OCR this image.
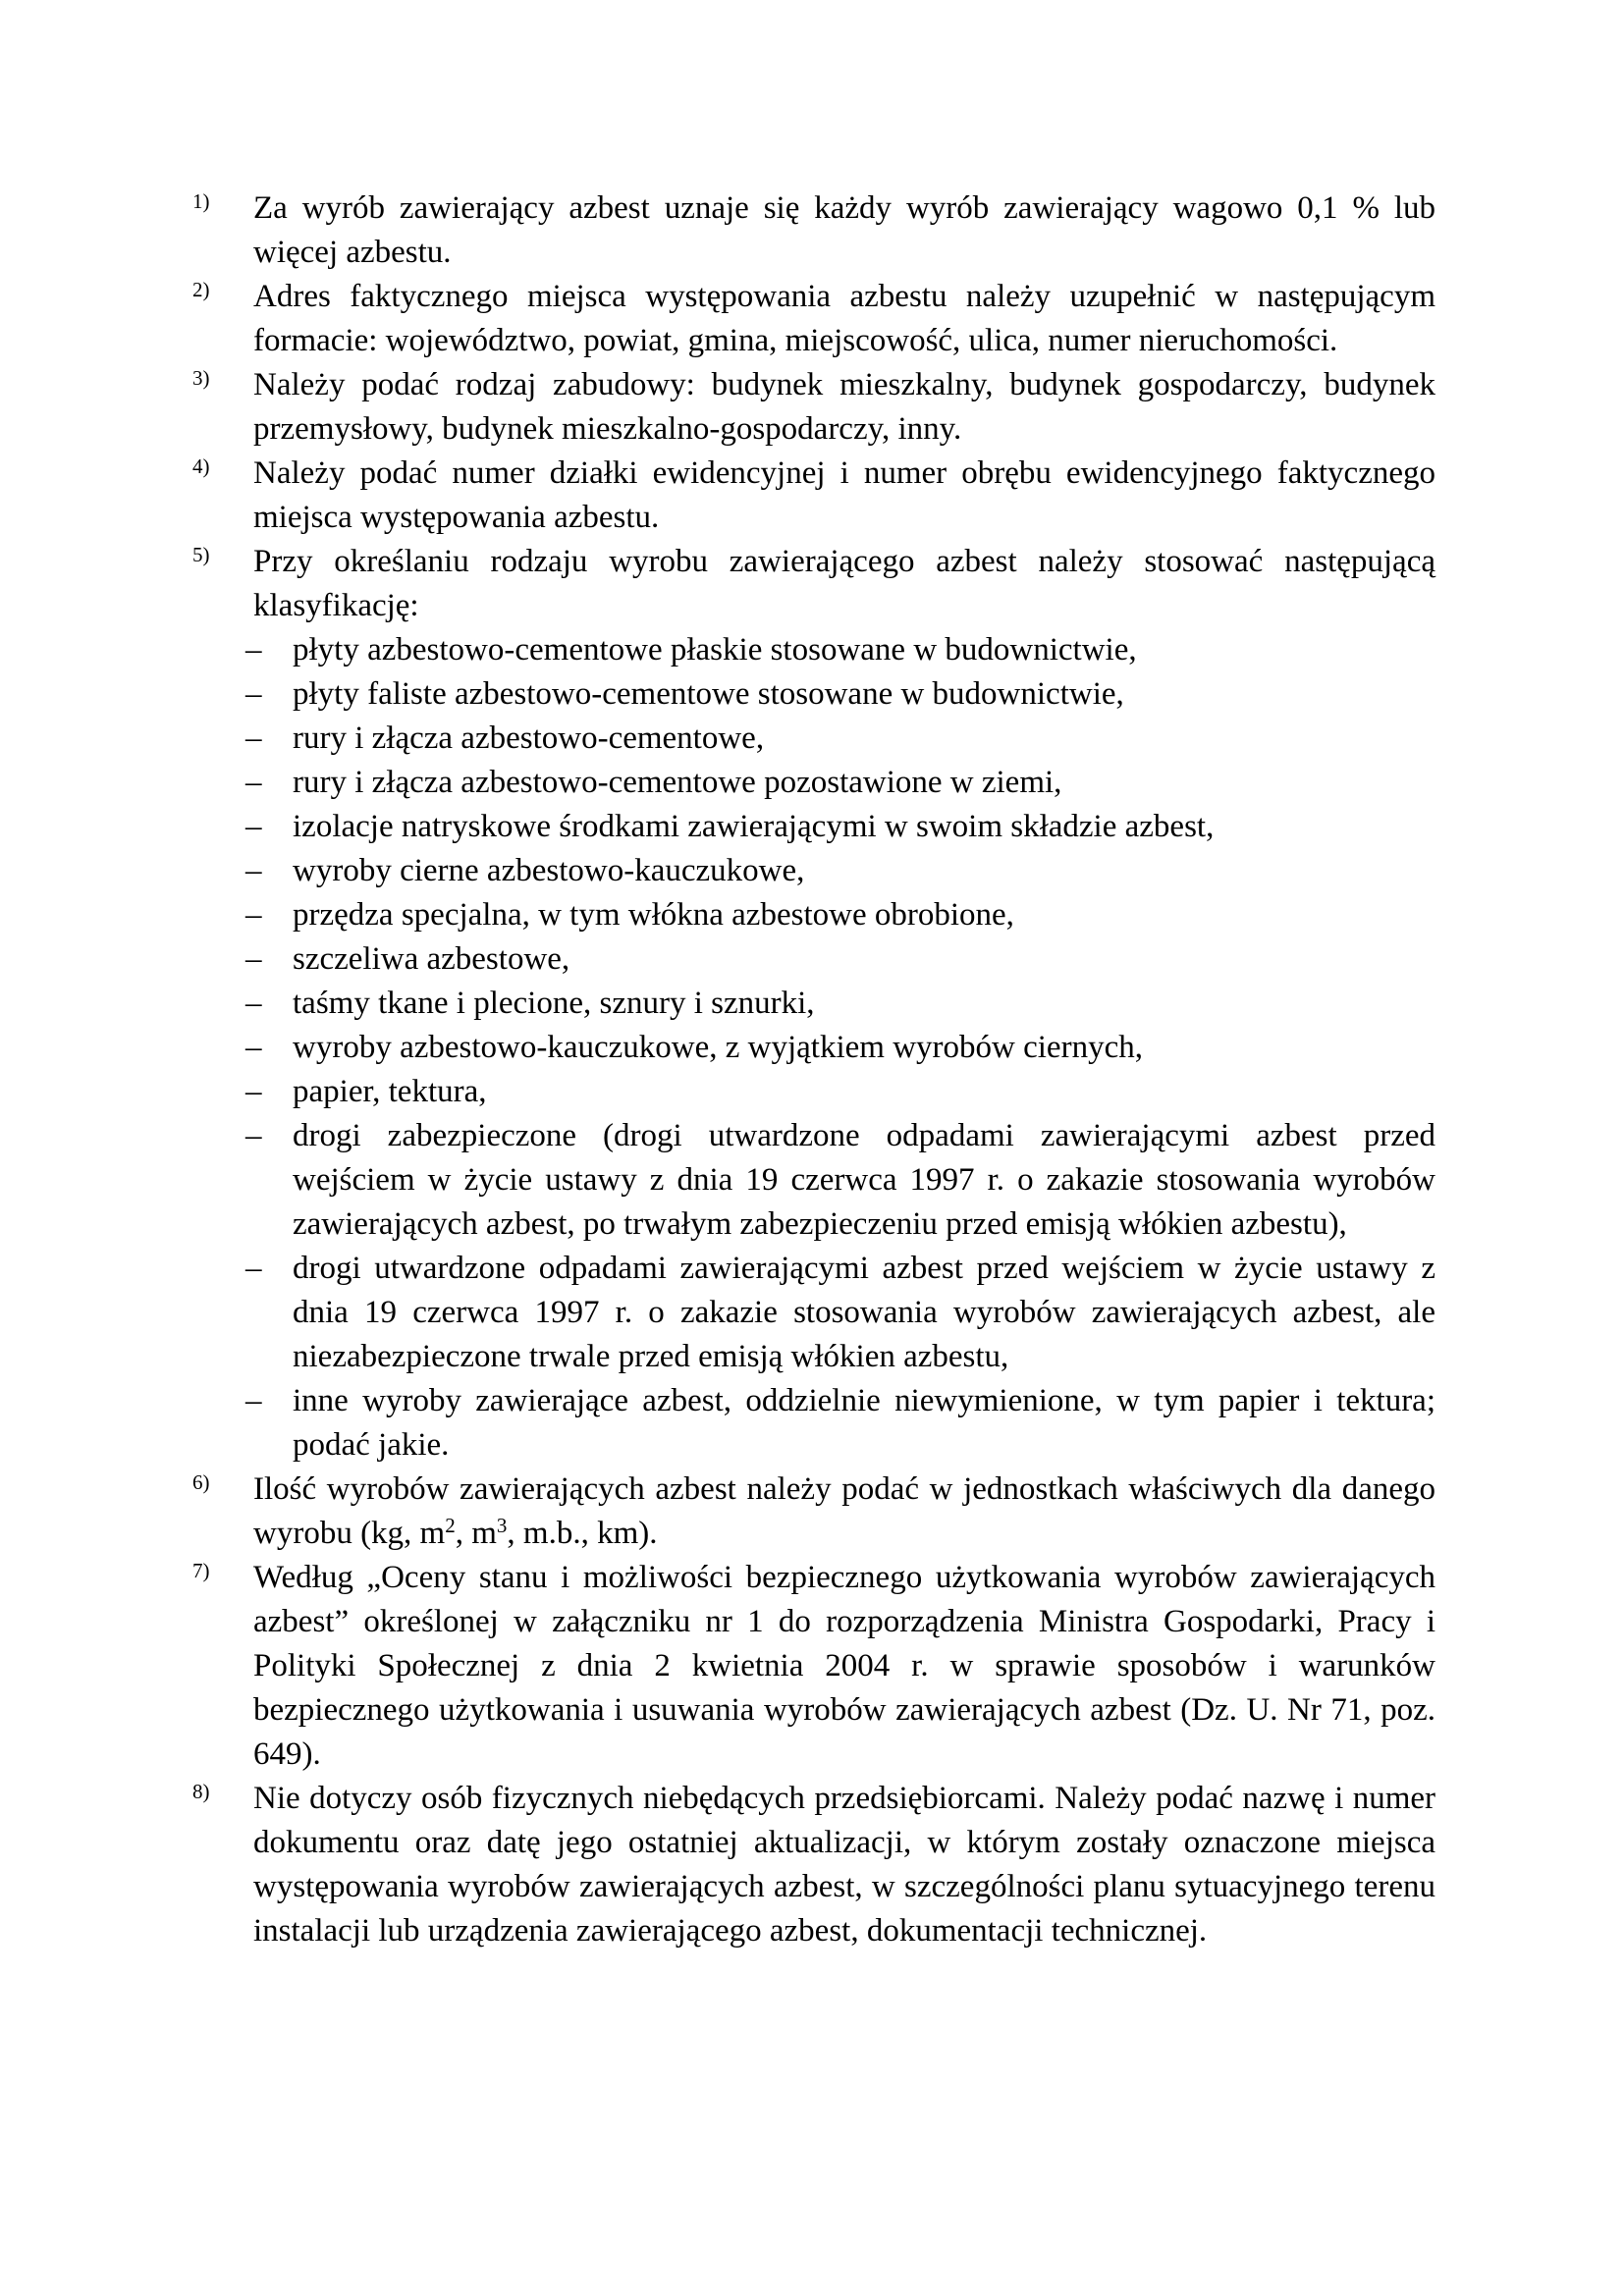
1) Za wyrób zawierający azbest uznaje się każdy wyrób zawierający wagowo 0,1 % lub więcej azbestu.
2) Adres faktycznego miejsca występowania azbestu należy uzupełnić w następującym formacie: województwo, powiat, gmina, miejscowość, ulica, numer nieruchomości.
3) Należy podać rodzaj zabudowy: budynek mieszkalny, budynek gospodarczy, budynek przemysłowy, budynek mieszkalno-gospodarczy, inny.
4) Należy podać numer działki ewidencyjnej i numer obrębu ewidencyjnego faktycznego miejsca występowania azbestu.
5) Przy określaniu rodzaju wyrobu zawierającego azbest należy stosować następującą klasyfikację:
– płyty azbestowo-cementowe płaskie stosowane w budownictwie,
– płyty faliste azbestowo-cementowe stosowane w budownictwie,
– rury i złącza azbestowo-cementowe,
– rury i złącza azbestowo-cementowe pozostawione w ziemi,
– izolacje natryskowe środkami zawierającymi w swoim składzie azbest,
– wyroby cierne azbestowo-kauczukowe,
– przędza specjalna, w tym włókna azbestowe obrobione,
– szczeliwa azbestowe,
– taśmy tkane i plecione, sznury i sznurki,
– wyroby azbestowo-kauczukowe, z wyjątkiem wyrobów ciernych,
– papier, tektura,
– drogi zabezpieczone (drogi utwardzone odpadami zawierającymi azbest przed wejściem w życie ustawy z dnia 19 czerwca 1997 r. o zakazie stosowania wyrobów zawierających azbest, po trwałym zabezpieczeniu przed emisją włókien azbestu),
– drogi utwardzone odpadami zawierającymi azbest przed wejściem w życie ustawy z dnia 19 czerwca 1997 r. o zakazie stosowania wyrobów zawierających azbest, ale niezabezpieczone trwale przed emisją włókien azbestu,
– inne wyroby zawierające azbest, oddzielnie niewymienione, w tym papier i tektura; podać jakie.
6) Ilość wyrobów zawierających azbest należy podać w jednostkach właściwych dla danego wyrobu (kg, $m^2$, $m^3$, m.b., km).
7) Według „Oceny stanu i możliwości bezpiecznego użytkowania wyrobów zawierających azbest” określonej w załączniku nr 1 do rozporządzenia Ministra Gospodarki, Pracy i Polityki Społecznej z dnia 2 kwietnia 2004 r. w sprawie sposobów i warunków bezpiecznego użytkowania i usuwania wyrobów zawierających azbest (Dz. U. Nr 71, poz. 649).
8) Nie dotyczy osób fizycznych niebędących przedsiębiorcami. Należy podać nazwę i numer dokumentu oraz datę jego ostatniej aktualizacji, w którym zostały oznaczone miejsca występowania wyrobów zawierających azbest, w szczególności planu sytuacyjnego terenu instalacji lub urządzenia zawierającego azbest, dokumentacji technicznej.
